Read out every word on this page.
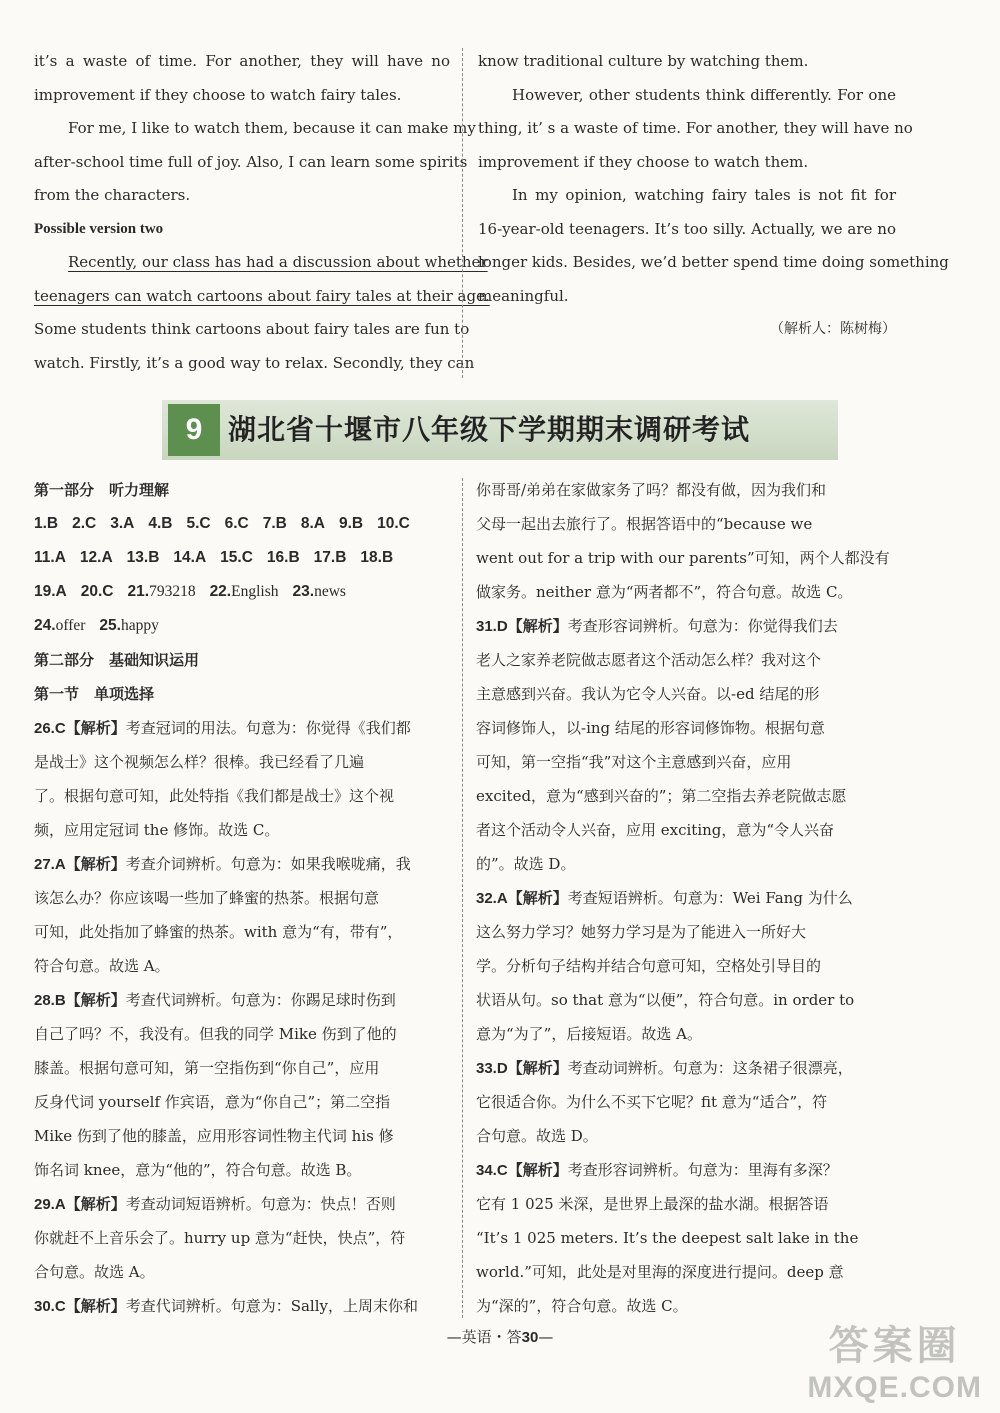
it’s a waste of time. For another, they will have no
improvement if they choose to watch fairy tales.
For me, I like to watch them, because it can make my
after-school time full of joy. Also, I can learn some spirits
from the characters.
Possible version two
Recently, our class has had a discussion about whether
teenagers can watch cartoons about fairy tales at their age.
Some students think cartoons about fairy tales are fun to
watch. Firstly, it’s a good way to relax. Secondly, they can
know traditional culture by watching them.
However, other students think differently. For one
thing, it’ s a waste of time. For another, they will have no
improvement if they choose to watch them.
In my opinion, watching fairy tales is not fit for
16-year-old teenagers. It’s too silly. Actually, we are no
longer kids. Besides, we’d better spend time doing something
meaningful.
（解析人：陈树梅）
9 湖北省十堰市八年级下学期期末调研考试
第一部分　听力理解
1.B 2.C 3.A 4.B 5.C 6.C 7.B 8.A 9.B 10.C
11.A 12.A 13.B 14.A 15.C 16.B 17.B 18.B
19.A 20.C 21.793218 22.English 23.news
24.offer 25.happy
第二部分　基础知识运用
第一节　单项选择
26.C【解析】考查冠词的用法。句意为：你觉得《我们都
是战士》这个视频怎么样？很棒。我已经看了几遍
了。根据句意可知，此处特指《我们都是战士》这个视
频，应用定冠词 the 修饰。故选 C。
27.A【解析】考查介词辨析。句意为：如果我喉咙痛，我
该怎么办？你应该喝一些加了蜂蜜的热茶。根据句意
可知，此处指加了蜂蜜的热茶。with 意为“有，带有”，
符合句意。故选 A。
28.B【解析】考查代词辨析。句意为：你踢足球时伤到
自己了吗？不，我没有。但我的同学 Mike 伤到了他的
膝盖。根据句意可知，第一空指伤到“你自己”，应用
反身代词 yourself 作宾语，意为“你自己”；第二空指
Mike 伤到了他的膝盖，应用形容词性物主代词 his 修
饰名词 knee，意为“他的”，符合句意。故选 B。
29.A【解析】考查动词短语辨析。句意为：快点！否则
你就赶不上音乐会了。hurry up 意为“赶快，快点”，符
合句意。故选 A。
30.C【解析】考查代词辨析。句意为：Sally，上周末你和
你哥哥/弟弟在家做家务了吗？都没有做，因为我们和
父母一起出去旅行了。根据答语中的“because we
went out for a trip with our parents”可知，两个人都没有
做家务。neither 意为“两者都不”，符合句意。故选 C。
31.D【解析】考查形容词辨析。句意为：你觉得我们去
老人之家养老院做志愿者这个活动怎么样？我对这个
主意感到兴奋。我认为它令人兴奋。以-ed 结尾的形
容词修饰人，以-ing 结尾的形容词修饰物。根据句意
可知，第一空指“我”对这个主意感到兴奋，应用
excited，意为“感到兴奋的”；第二空指去养老院做志愿
者这个活动令人兴奋，应用 exciting，意为“令人兴奋
的”。故选 D。
32.A【解析】考查短语辨析。句意为：Wei Fang 为什么
这么努力学习？她努力学习是为了能进入一所好大
学。分析句子结构并结合句意可知，空格处引导目的
状语从句。so that 意为“以便”，符合句意。in order to
意为“为了”，后接短语。故选 A。
33.D【解析】考查动词辨析。句意为：这条裙子很漂亮，
它很适合你。为什么不买下它呢？fit 意为“适合”，符
合句意。故选 D。
34.C【解析】考查形容词辨析。句意为：里海有多深？
它有 1 025 米深，是世界上最深的盐水湖。根据答语
“It’s 1 025 meters. It’s the deepest salt lake in the
world.”可知，此处是对里海的深度进行提问。deep 意
为“深的”，符合句意。故选 C。
—英语・答30—	答案圈
MXQE.COM
